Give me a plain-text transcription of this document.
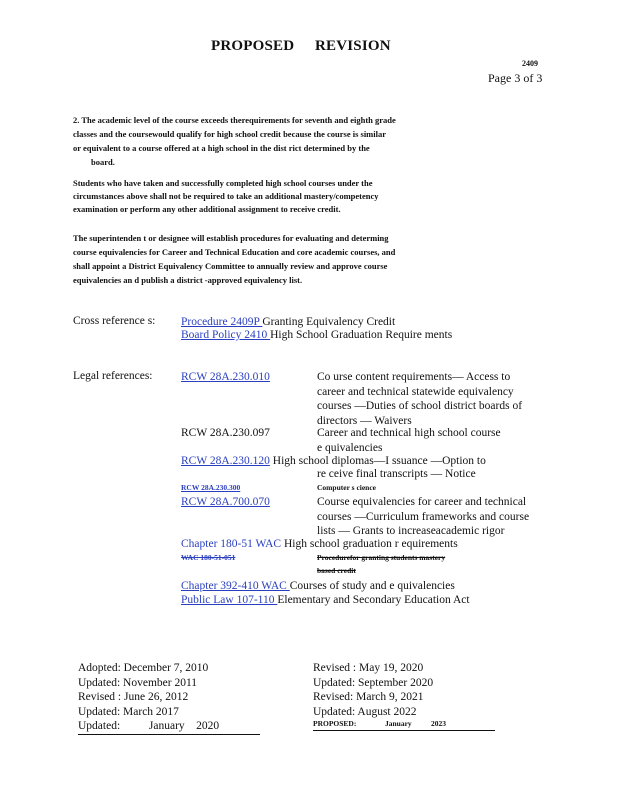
PROPOSED REVISION
2409
Page 3 of 3
2. The academic level of the course exceeds therequirements for seventh and eighth grade
classes and the coursewould qualify for high school credit because the course is similar
or equivalent to a course offered at a high school in the dist rict determined by the
board.
Students who have taken and successfully completed high school courses under the
circumstances above shall not be required to take an additional mastery/competency
examination or perform any other additional assignment to receive credit.
The superintenden t or designee will establish procedures for evaluating and determing
course equivalencies for Career and Technical Education and core academic courses, and
shall appoint a District Equivalency Committee to annually review and approve course
equivalencies an d publish a district -approved equivalency list.
Cross reference s: Procedure 2409P Granting Equivalency Credit
Board Policy 2410 High School Graduation Require ments
Legal references: RCW 28A.230.010	Co urse content requirements— Access to
career and technical statewide equivalency
courses —Duties of school district boards of
directors — Waivers
RCW 28A.230.097	Career and technical high school course
e quivalencies
RCW 28A.230.120 High school diplomas—I ssuance —Option to
re ceive final transcripts — Notice
RCW 28A.230.300	Computer s cience
RCW 28A.700.070	Course equivalencies for career and technical
courses —Curriculum frameworks and course
lists — Grants to increaseacademic rigor
Chapter 180-51 WAC High school graduation r equirements
WAC 180-51-051	Procedurefor granting students mastery
based credit
Chapter 392-410 WAC Courses of study and e quivalencies
Public Law 107-110 Elementary and Secondary Education Act
Adopted: December 7, 2010
Updated: November 2011
Revised : June 26, 2012
Updated: March 2017
Updated:          January    2020
Revised : May 19, 2020
Updated: September 2020
Revised: March 9, 2021
Updated: August 2022
PROPOSED:	January	2023
